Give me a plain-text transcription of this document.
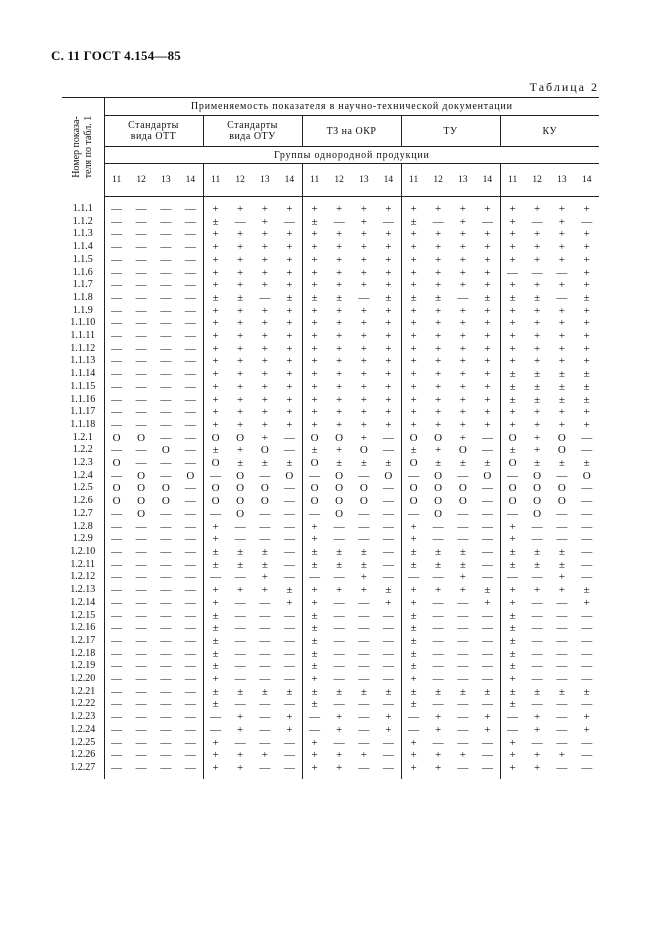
С. 11 ГОСТ 4.154—85
Таблица 2
Номер показа-
теля по табл. 1	Применяемость показателя в научно-технической документации																			
	Стандарты
вида ОТТ				Стандарты
вида ОТУ				ТЗ на ОКР				ТУ				КУ			
	Группы однородной продукции																			
	11	12	13	14	11	12	13	14	11	12	13	14	11	12	13	14	11	12	13	14
1.1.1	—	—	—	—	+	+	+	+	+	+	+	+	+	+	+	+	+	+	+	+
1.1.2	—	—	—	—	±	—	+	—	±	—	+	—	±	—	+	—	+	—	+	—
1.1.3	—	—	—	—	+	+	+	+	+	+	+	+	+	+	+	+	+	+	+	+
1.1.4	—	—	—	—	+	+	+	+	+	+	+	+	+	+	+	+	+	+	+	+
1.1.5	—	—	—	—	+	+	+	+	+	+	+	+	+	+	+	+	+	+	+	+
1.1.6	—	—	—	—	+	+	+	+	+	+	+	+	+	+	+	+	—	—	—	+
1.1.7	—	—	—	—	+	+	+	+	+	+	+	+	+	+	+	+	+	+	+	+
1.1.8	—	—	—	—	±	±	—	±	±	±	—	±	±	±	—	±	±	±	—	±
1.1.9	—	—	—	—	+	+	+	+	+	+	+	+	+	+	+	+	+	+	+	+
1.1.10	—	—	—	—	+	+	+	+	+	+	+	+	+	+	+	+	+	+	+	+
1.1.11	—	—	—	—	+	+	+	+	+	+	+	+	+	+	+	+	+	+	+	+
1.1.12	—	—	—	—	+	+	+	+	+	+	+	+	+	+	+	+	+	+	+	+
1.1.13	—	—	—	—	+	+	+	+	+	+	+	+	+	+	+	+	+	+	+	+
1.1.14	—	—	—	—	+	+	+	+	+	+	+	+	+	+	+	+	±	±	±	±
1.1.15	—	—	—	—	+	+	+	+	+	+	+	+	+	+	+	+	±	±	±	±
1.1.16	—	—	—	—	+	+	+	+	+	+	+	+	+	+	+	+	±	±	±	±
1.1.17	—	—	—	—	+	+	+	+	+	+	+	+	+	+	+	+	+	+	+	+
1.1.18	—	—	—	—	+	+	+	+	+	+	+	+	+	+	+	+	+	+	+	+
1.2.1	O	O	—	—	O	O	+	—	O	O	+	—	O	O	+	—	O	+	O	—
1.2.2	—	—	O	—	±	+	O	—	±	+	O	—	±	+	O	—	±	+	O	—
1.2.3	O	—	—	—	O	±	±	±	O	±	±	±	O	±	±	±	O	±	±	±
1.2.4	—	O	—	O	—	O	—	O	—	O	—	O	—	O	—	O	—	O	—	O
1.2.5	O	O	O	—	O	O	O	—	O	O	O	—	O	O	O	—	O	O	O	—
1.2.6	O	O	O	—	O	O	O	—	O	O	O	—	O	O	O	—	O	O	O	—
1.2.7	—	O	—	—	—	O	—	—	—	O	—	—	—	O	—	—	—	O	—	—
1.2.8	—	—	—	—	+	—	—	—	+	—	—	—	+	—	—	—	+	—	—	—
1.2.9	—	—	—	—	+	—	—	—	+	—	—	—	+	—	—	—	+	—	—	—
1.2.10	—	—	—	—	±	±	±	—	±	±	±	—	±	±	±	—	±	±	±	—
1.2.11	—	—	—	—	±	±	±	—	±	±	±	—	±	±	±	—	±	±	±	—
1.2.12	—	—	—	—	—	—	+	—	—	—	+	—	—	—	+	—	—	—	+	—
1.2.13	—	—	—	—	+	+	+	±	+	+	+	±	+	+	+	±	+	+	+	±
1.2.14	—	—	—	—	+	—	—	+	+	—	—	+	+	—	—	+	+	—	—	+
1.2.15	—	—	—	—	±	—	—	—	±	—	—	—	±	—	—	—	±	—	—	—
1.2.16	—	—	—	—	±	—	—	—	±	—	—	—	±	—	—	—	±	—	—	—
1.2.17	—	—	—	—	±	—	—	—	±	—	—	—	±	—	—	—	±	—	—	—
1.2.18	—	—	—	—	±	—	—	—	±	—	—	—	±	—	—	—	±	—	—	—
1.2.19	—	—	—	—	±	—	—	—	±	—	—	—	±	—	—	—	±	—	—	—
1.2.20	—	—	—	—	+	—	—	—	+	—	—	—	+	—	—	—	+	—	—	—
1.2.21	—	—	—	—	±	±	±	±	±	±	±	±	±	±	±	±	±	±	±	±
1.2.22	—	—	—	—	±	—	—	—	±	—	—	—	±	—	—	—	±	—	—	—
1.2.23	—	—	—	—	—	+	—	+	—	+	—	+	—	+	—	+	—	+	—	+
1.2.24	—	—	—	—	—	+	—	+	—	+	—	+	—	+	—	+	—	+	—	+
1.2.25	—	—	—	—	+	—	—	—	+	—	—	—	+	—	—	—	+	—	—	—
1.2.26	—	—	—	—	+	+	+	—	+	+	+	—	+	+	+	—	+	+	+	—
1.2.27	—	—	—	—	+	+	—	—	+	+	—	—	+	+	—	—	+	+	—	—
